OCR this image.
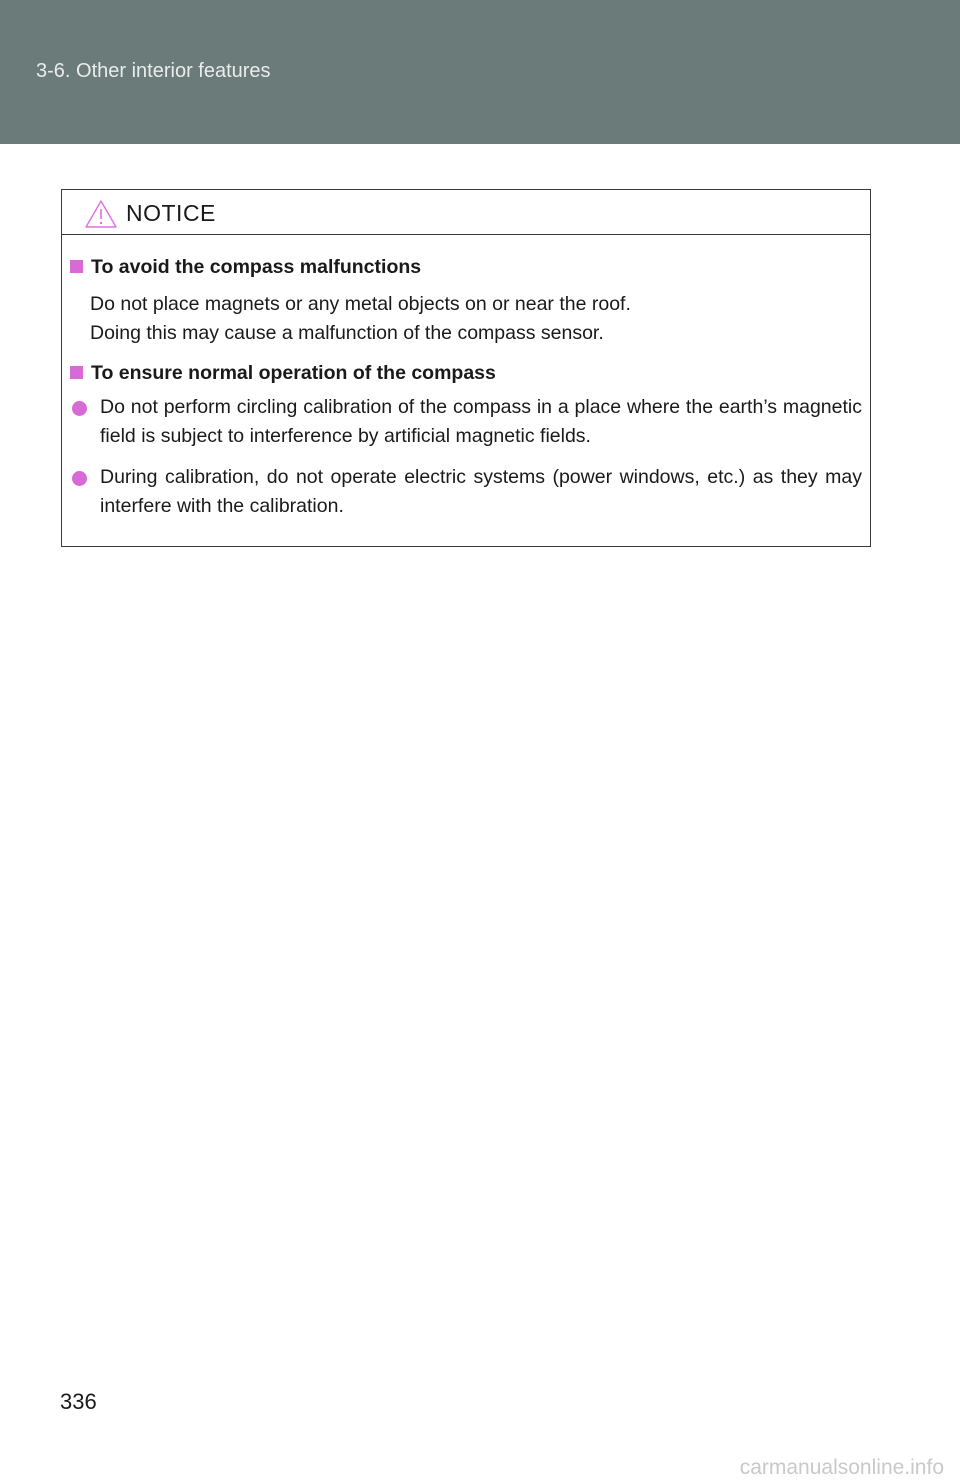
3-6. Other interior features
NOTICE
To avoid the compass malfunctions
Do not place magnets or any metal objects on or near the roof.
Doing this may cause a malfunction of the compass sensor.
To ensure normal operation of the compass
Do not perform circling calibration of the compass in a place where the earth’s magnetic field is subject to interference by artificial magnetic fields.
During calibration, do not operate electric systems (power windows, etc.) as they may interfere with the calibration.
336
carmanualsonline.info
